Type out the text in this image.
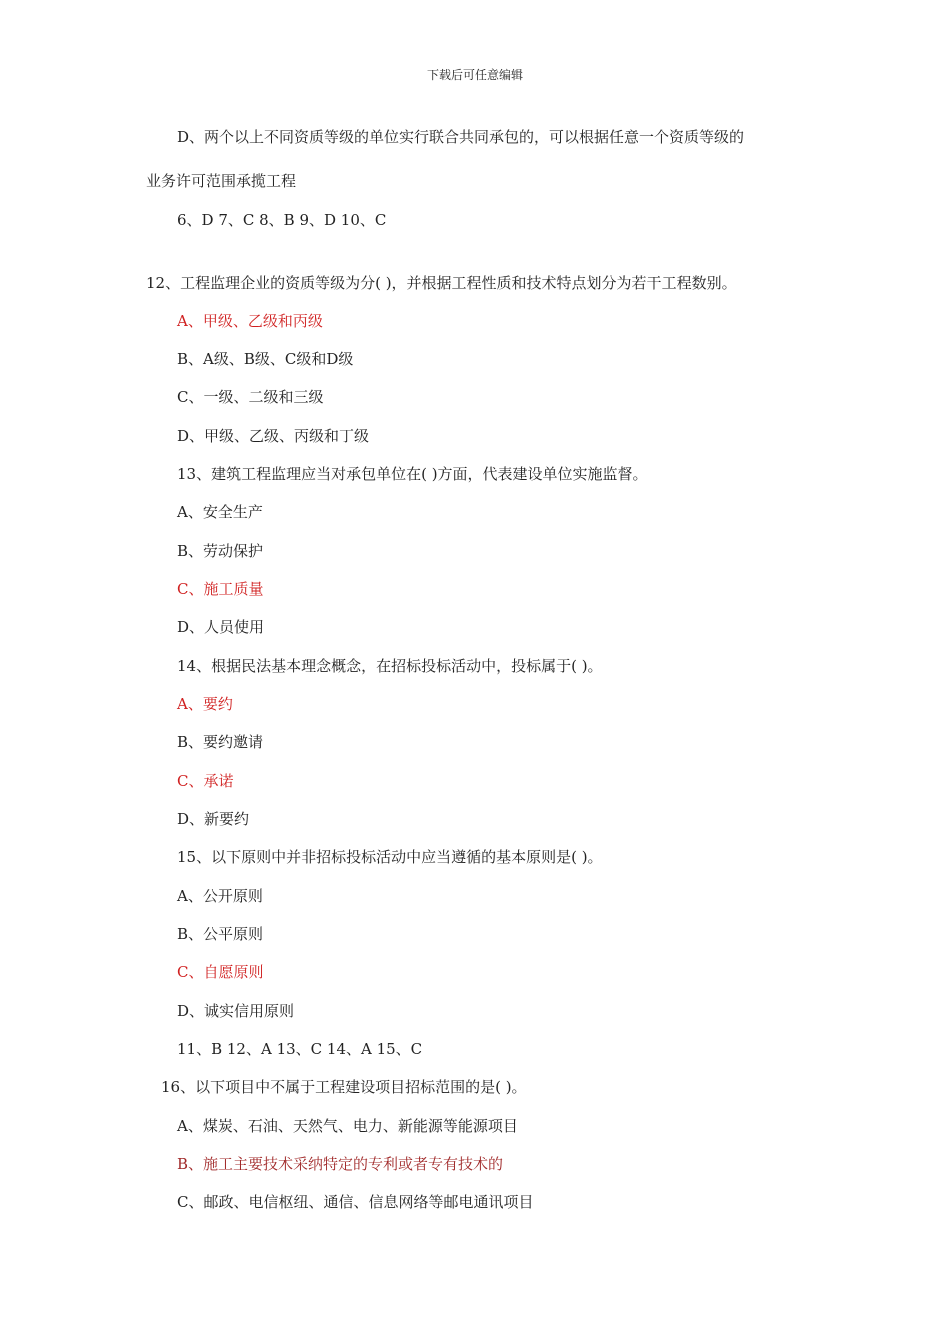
下载后可任意编辑
D、两个以上不同资质等级的单位实行联合共同承包的，可以根据任意一个资质等级的
业务许可范围承揽工程
6、D 7、C 8、B 9、D 10、C
12、工程监理企业的资质等级为分( )，并根据工程性质和技术特点划分为若干工程数别。
A、甲级、乙级和丙级
B、A级、B级、C级和D级
C、一级、二级和三级
D、甲级、乙级、丙级和丁级
13、建筑工程监理应当对承包单位在( )方面，代表建设单位实施监督。
A、安全生产
B、劳动保护
C、施工质量
D、人员使用
14、根据民法基本理念概念，在招标投标活动中，投标属于( )。
A、要约
B、要约邀请
C、承诺
D、新要约
15、以下原则中并非招标投标活动中应当遵循的基本原则是( )。
A、公开原则
B、公平原则
C、自愿原则
D、诚实信用原则
11、B 12、A 13、C 14、A 15、C
16、以下项目中不属于工程建设项目招标范围的是( )。
A、煤炭、石油、天然气、电力、新能源等能源项目
B、施工主要技术采纳特定的专利或者专有技术的
C、邮政、电信枢纽、通信、信息网络等邮电通讯项目
